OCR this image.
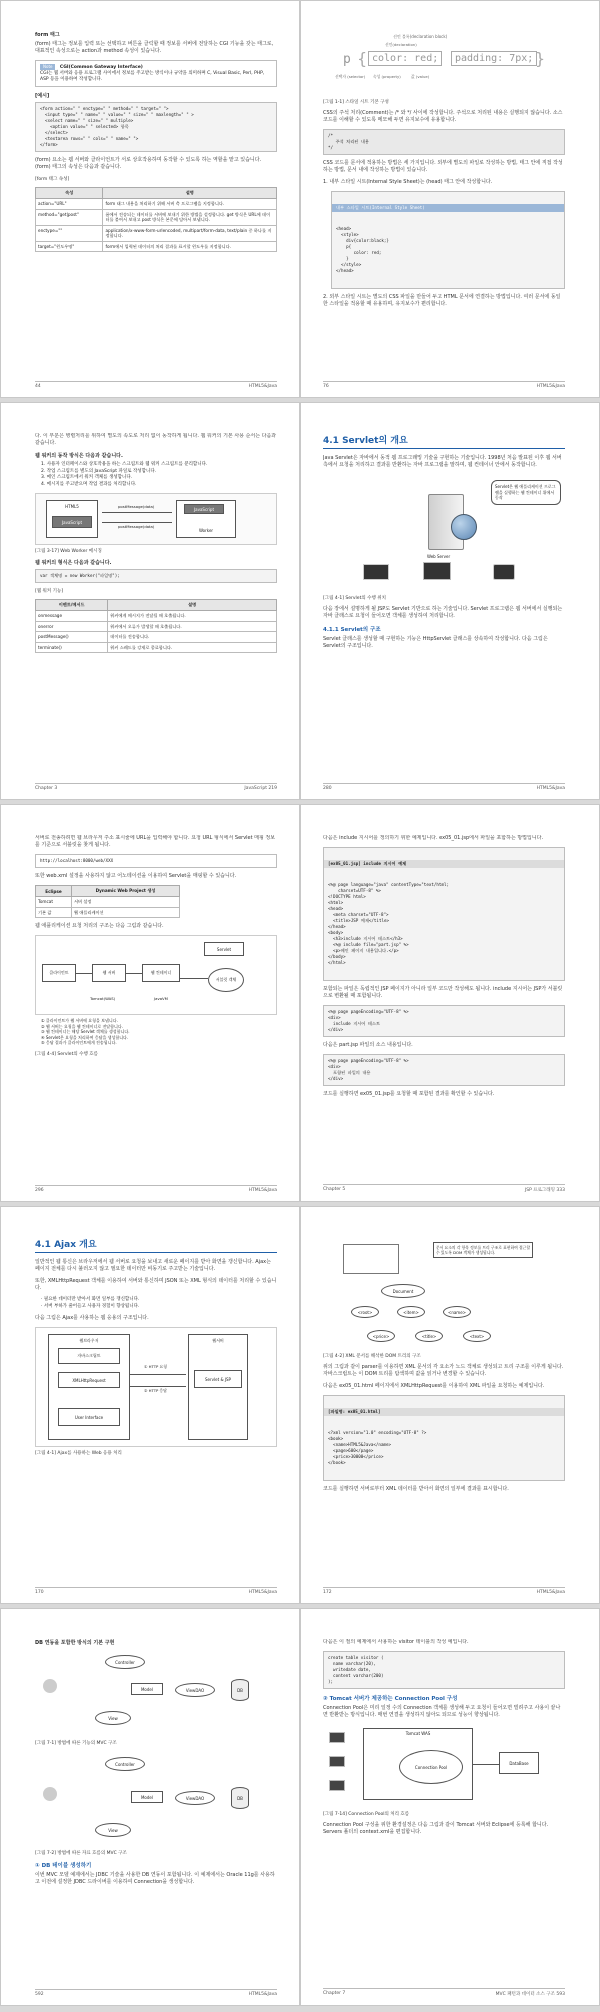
form 태그
(form) 태그는 정보를 입력 또는 선택하고 버튼을 클릭할 때 정보를 서버에 전달하는 CGI 기능을 갖는 태그로, 대표적인 속성으로는 action과 method 속성이 있습니다.
Note CGI(Common Gateway Interface)
CGI는 웹 서버와 응용 프로그램 사이에서 정보를 주고받는 방식이나 규약을 의미하며 C, Visual Basic, Perl, PHP, ASP 등을 이용하여 작성합니다.
[예시]
<form action=" " enctype=" " method=" " target=" ">
<input type=" " name=" " value=" " size=" " maxlength=" " >
<select name=" " size=" " multiple>
<option value=" " selected> 항목
</select>
<textarea rows=" " cols=" " name=" ">
</form>
(form) 요소는 웹 서버와 클라이언트가 서로 상호작용하며 동작할 수 있도록 하는 역할을 맡고 있습니다. (form) 태그의 속성은 다음과 같습니다.
[form 태그 속성]
속성	설명
action="URL"	form 태그 내용을 처리하기 위해 서버 측 프로그램을 지정합니다.
method="get|post"	폼에서 전송되는 데이터를 서버에 보내기 위한 방법을 설정합니다. get 방식은 URL에 데이터를 붙여서 보내고 post 방식은 본문에 담아서 보냅니다.
enctype=""	application/x-www-form-urlencoded, multipart/form-data, text/plain 중 하나를 지정합니다.
target="윈도우명"	form에서 입력된 데이터의 처리 결과를 표시할 윈도우를 지정합니다.
44	HTML5&Java
선언 블록(declaration block)
선언(declaration)
p { color: red;	padding: 7px; }
선택자 (selector) 속성 (property)	값 (value)
[그림 1-1] 스타일 시트 기본 구성
CSS의 주석 처리(Comment)는 /* 와 */ 사이에 작성합니다. 주석으로 처리된 내용은 실행되지 않습니다. 소스 코드를 이해할 수 있도록 메모해 두면 유지보수에 유용합니다.
/*
주석 처리된 내용
*/
CSS 코드를 문서에 적용하는 방법은 세 가지입니다. 외부에 별도의 파일로 작성하는 방법, 태그 안에 직접 작성하는 방법, 문서 내에 작성하는 방법이 있습니다.
1. 내부 스타일 시트(Internal Style Sheet)는 (head) 태그 안에 작성합니다.

내부 스타일 시트(Internal Style Sheet)

<head>
<style>
div{color:black;}
p{
color: red;
}
</style>
</head>

2. 외부 스타일 시트는 별도의 CSS 파일을 만들어 두고 HTML 문서에 연결하는 방법입니다. 여러 문서에 동일한 스타일을 적용할 때 유용하며, 유지보수가 편리합니다.
76	HTML5&Java
다. 이 부분은 병렬처리를 위하여 별도의 속도로 처리 없이 동작하게 됩니다. 웹 워커의 기본 사용 순서는 다음과 같습니다.
웹 워커의 동작 방식은 다음과 같습니다.
1. 사용자 인터페이스와 상호작용을 하는 스크립트와 웹 워커 스크립트를 분리합니다.
2. 작업 스크립트를 별도의 JavaScript 파일로 작성합니다.
3. 메인 스크립트에서 워커 객체를 생성합니다.
4. 메시지를 주고받으며 작업 결과를 처리합니다.
HTML5
JavaScript
postMessage(data)
postMessage(data)
Worker
JavaScript
[그림 3-17] Web Worker 메시징
웹 워커의 형식은 다음과 같습니다.
var 객체명 = new Worker("파일명");
[웹 워커 기능]
이벤트/메서드	설명
onmessage	워커에게 메시지가 전달될 때 호출됩니다.
onerror	워커에서 오류가 발생할 때 호출됩니다.
postMessage()	데이터를 전송합니다.
terminate()	워커 스레드를 강제로 종료합니다.
Chapter 3	JavaScript 219
4.1 Servlet의 개요
Java Servlet은 자바에서 동적 웹 프로그래밍 기술을 구현하는 기술입니다. 1998년 처음 발표된 이후 웹 서버 측에서 요청을 처리하고 결과를 반환하는 자바 프로그램을 말하며, 웹 컨테이너 안에서 동작합니다.
Web Server
Servlet은 웹 애플리케이션 프로그램을 실행하는 웹 컨테이너 위에서 동작
[그림 4-1] Servlet의 수행 위치
다음 장에서 설명하게 될 JSP도 Servlet 기반으로 하는 기술입니다. Servlet 프로그램은 웹 서버에서 실행되는 자바 클래스로 요청이 들어오면 객체를 생성하여 처리합니다.
4.1.1 Servlet의 구조
Servlet 클래스를 생성할 때 구현하는 기능은 HttpServlet 클래스를 상속하여 작성합니다. 다음 그림은 Servlet의 구조입니다.
280	HTML5&Java
서버로 전송하려면 웹 브라우저 주소 표시줄에 URL을 입력해야 합니다. 요청 URL 형식에서 Servlet 매핑 정보를 기준으로 서블릿을 찾게 됩니다.
http://localhost:8000/web/XXX
또한 web.xml 설정을 사용하지 않고 어노테이션을 이용하여 Servlet을 매핑할 수 있습니다.
Eclipse	Dynamic Web Project 생성
Tomcat	서버 설정
기본 값	웹 애플리케이션
웹 애플리케이션 요청 처리의 구조는 다음 그림과 같습니다.
클라이언트	웹 서버
Tomcat(WAS)
웹 컨테이너
JavaVM
Servlet
서블릿 객체
① 클라이언트가 웹 서버에 요청을 보냅니다.
② 웹 서버는 요청을 웹 컨테이너로 전달합니다.
③ 웹 컨테이너는 해당 Servlet 객체를 생성합니다.
④ Servlet은 요청을 처리하여 응답을 생성합니다.
⑤ 응답 결과가 클라이언트에게 전송됩니다.
[그림 4-4] Servlet의 수행 흐름
296	HTML5&Java
다음은 include 지시어를 정의하기 위한 예제입니다. ex05_01.jsp에서 파일을 포함하는 방법입니다.

[ex05_01.jsp] include 지시어 예제

<%@ page language="java" contentType="text/html;
charset=UTF-8" %>
<!DOCTYPE html>
<html>
<head>
<meta charset="UTF-8">
<title>JSP 예제</title>
</head>
<body>
<h3>include 지시어 테스트</h3>
<%@ include file="part.jsp" %>
<p>메인 페이지 내용입니다.</p>
</body>
</html>

포함되는 파일은 독립적인 JSP 페이지가 아니라 일부 코드만 작성해도 됩니다. include 지시어는 JSP가 서블릿으로 변환될 때 포함됩니다.
<%@ page pageEncoding="UTF-8" %>
<div>
include 지시어 테스트
</div>
다음은 part.jsp 파일의 소스 내용입니다.
<%@ page pageEncoding="UTF-8" %>
<div>
포함된 파일의 내용
</div>
코드를 실행하면 ex05_01.jsp를 요청할 때 포함된 결과를 확인할 수 있습니다.
Chapter 5	JSP 프로그래밍 333
4.1 Ajax 개요
일반적인 웹 통신은 브라우저에서 웹 서버로 요청을 보내고 새로운 페이지를 받아 화면을 갱신합니다. Ajax는 페이지 전체를 다시 불러오지 않고 필요한 데이터만 비동기로 주고받는 기술입니다.
또한, XMLHttpRequest 객체를 이용하여 서버와 통신하며 JSON 또는 XML 형식의 데이터를 처리할 수 있습니다.
· 필요한 데이터만 받아서 화면 일부를 갱신합니다.
· 서버 부하가 줄어들고 사용자 경험이 향상됩니다.
다음 그림은 Ajax를 사용하는 웹 응용의 구조입니다.
웹브라우저
자바스크립트
XMLHttpRequest
User Interface
① HTTP 요청
② HTTP 응답
웹서버
Servlet & JSP
[그림 4-1] Ajax를 사용하는 Web 응용 처리
170	HTML5&Java
문서 요소의 각 항목 정보를 트리 구조로 표현하여 접근할 수 있도록 DOM 객체가 생성됩니다.
Document
<root>	<item>	<name>
<price>	<title>	<text>
[그림 4-2] XML 문서를 해석한 DOM 트리의 구조
위의 그림과 같이 parser를 이용하면 XML 문서의 각 요소가 노드 객체로 생성되고 트리 구조를 이루게 됩니다. 자바스크립트는 이 DOM 트리를 탐색하며 값을 읽거나 변경할 수 있습니다.
다음은 ex05_01.html 페이지에서 XMLHttpRequest를 이용하여 XML 파일을 요청하는 예제입니다.

[파일명: ex05_01.html]

<?xml version="1.0" encoding="UTF-8" ?>
<book>
<name>HTML5&Java</name>
<page>600</page>
<price>30000</price>
</book>

코드를 실행하면 서버로부터 XML 데이터를 받아서 화면의 일부에 결과를 표시합니다.
172	HTML5&Java
DB 연동을 포함한 방식의 기본 구현
Controller
Model
View
ViewDAO	DB
[그림 7-1] 방법에 따른 기능의 MVC 구조
Controller
Model
View
ViewDAO	DB
[그림 7-2] 방법에 따른 자료 흐름의 MVC 구조
① DB 테이블 생성하기
이번 MVC 모델 예제에서는 JDBC 기술을 사용한 DB 연동이 포함됩니다. 이 예제에서는 Oracle 11g를 사용하고 이전에 설정한 JDBC 드라이버를 이용하여 Connection을 생성합니다.
592	HTML5&Java
다음은 이 절의 예제에서 사용하는 visitor 테이블의 작성 예입니다.
create table visitor (
name varchar(20),
writedate date,
content varchar(200)
);
② Tomcat 서버가 제공하는 Connection Pool 구성
Connection Pool은 미리 일정 수의 Connection 객체를 생성해 두고 요청이 들어오면 빌려주고 사용이 끝나면 반환받는 방식입니다. 매번 연결을 생성하지 않아도 되므로 성능이 향상됩니다.
Tomcat WAS
Connection Pool
DataBase
[그림 7-14] Connection Pool의 처리 흐름
Connection Pool 구성을 위한 환경설정은 다음 그림과 같이 Tomcat 서버와 Eclipse에 등록해 합니다. Servers 폴더의 context.xml을 편집합니다.
Chapter 7	MVC 패턴과 데이터 소스 구조 593
